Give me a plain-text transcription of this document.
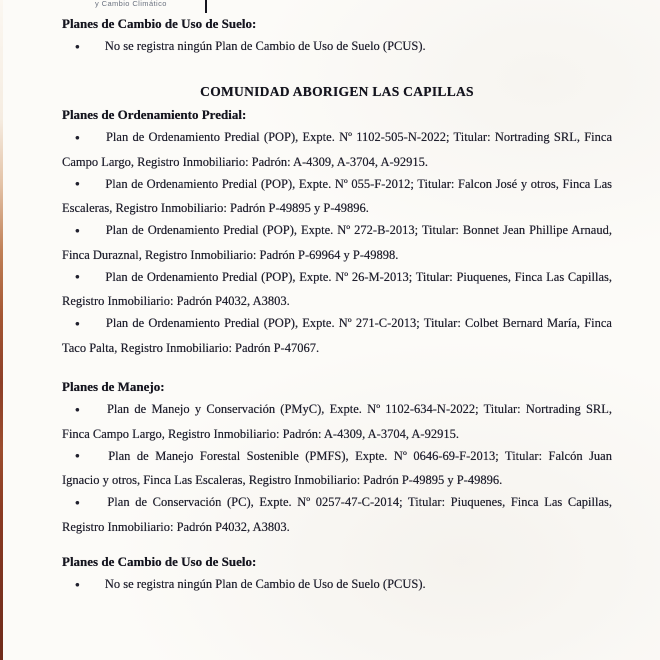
y Cambio Climático
Planes de Cambio de Uso de Suelo:

● No se registra ningún Plan de Cambio de Uso de Suelo (PCUS).

COMUNIDAD ABORIGEN LAS CAPILLAS
Planes de Ordenamiento Predial:

● Plan de Ordenamiento Predial (POP), Expte. Nº 1102-505-N-2022; Titular: Nortrading SRL, Finca Campo Largo, Registro Inmobiliario: Padrón: A-4309, A-3704, A-92915.

● Plan de Ordenamiento Predial (POP), Expte. Nº 055-F-2012; Titular: Falcon José y otros, Finca Las Escaleras, Registro Inmobiliario: Padrón P-49895 y P-49896.

● Plan de Ordenamiento Predial (POP), Expte. Nº 272-B-2013; Titular: Bonnet Jean Phillipe Arnaud, Finca Duraznal, Registro Inmobiliario: Padrón P-69964 y P-49898.

● Plan de Ordenamiento Predial (POP), Expte. Nº 26-M-2013; Titular: Piuquenes, Finca Las Capillas, Registro Inmobiliario: Padrón P4032, A3803.

● Plan de Ordenamiento Predial (POP), Expte. Nº 271-C-2013; Titular: Colbet Bernard María, Finca Taco Palta, Registro Inmobiliario: Padrón P-47067.

Planes de Manejo:

● Plan de Manejo y Conservación (PMyC), Expte. Nº 1102-634-N-2022; Titular: Nortrading SRL, Finca Campo Largo, Registro Inmobiliario: Padrón: A-4309, A-3704, A-92915.

● Plan de Manejo Forestal Sostenible (PMFS), Expte. Nº 0646-69-F-2013; Titular: Falcón Juan Ignacio y otros, Finca Las Escaleras, Registro Inmobiliario: Padrón P-49895 y P-49896.

● Plan de Conservación (PC), Expte. Nº 0257-47-C-2014; Titular: Piuquenes, Finca Las Capillas, Registro Inmobiliario: Padrón P4032, A3803.

Planes de Cambio de Uso de Suelo:

● No se registra ningún Plan de Cambio de Uso de Suelo (PCUS).
